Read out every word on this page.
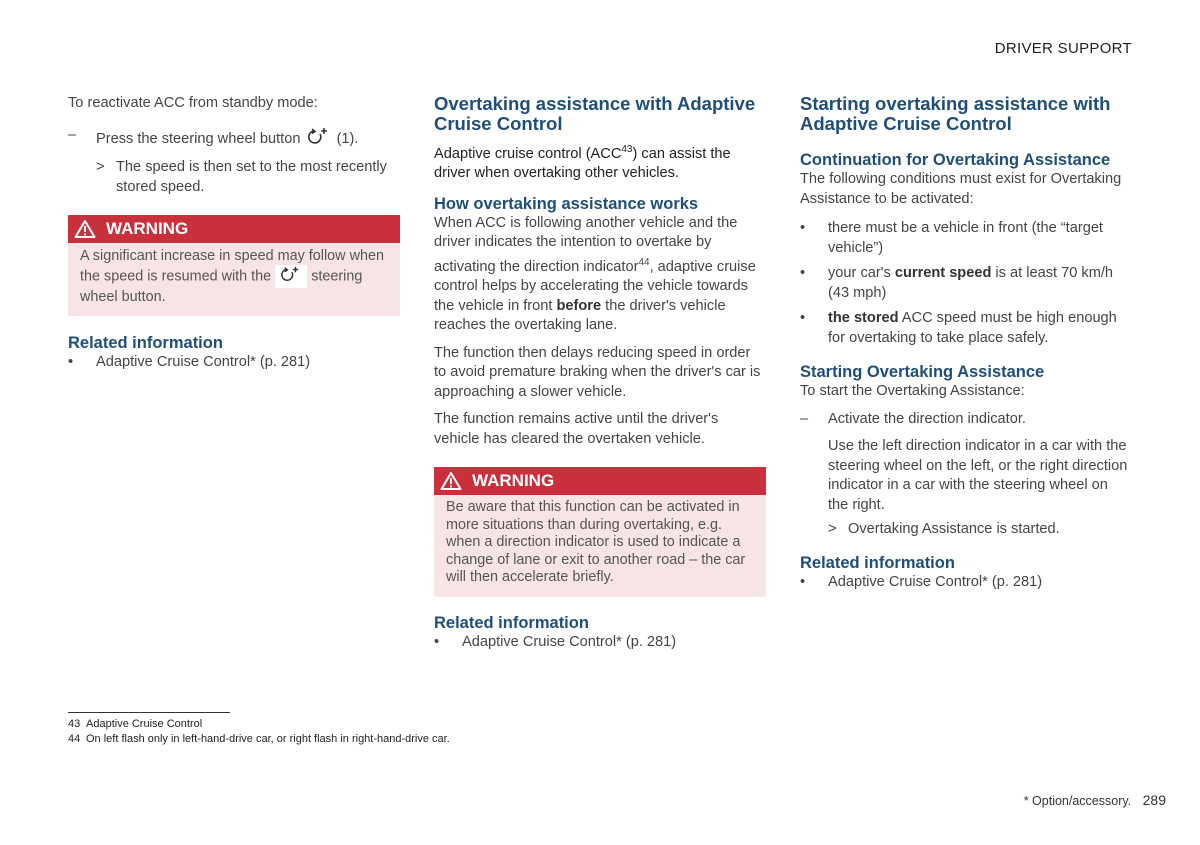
DRIVER SUPPORT

To reactivate ACC from standby mode:

–	Press the steering wheel button (1).
> The speed is then set to the most recently stored speed.
WARNING
A significant increase in speed may follow when the speed is resumed with the	steering wheel button.
Related information
•	Adaptive Cruise Control* (p. 281)
Overtaking assistance with Adaptive Cruise Control

Adaptive cruise control (ACC$^{43}$) can assist the driver when overtaking other vehicles.

How overtaking assistance works

When ACC is following another vehicle and the driver indicates the intention to overtake by activating the direction indicator$^{44}$, adaptive cruise control helps by accelerating the vehicle towards the vehicle in front before the driver's vehicle reaches the overtaking lane.

The function then delays reducing speed in order to avoid premature braking when the driver's car is approaching a slower vehicle.

The function remains active until the driver's vehicle has cleared the overtaken vehicle.

WARNING
Be aware that this function can be activated in more situations than during overtaking, e.g. when a direction indicator is used to indicate a change of lane or exit to another road – the car will then accelerate briefly.
Related information
•	Adaptive Cruise Control* (p. 281)
Starting overtaking assistance with Adaptive Cruise Control
Continuation for Overtaking Assistance

The following conditions must exist for Overtaking Assistance to be activated:

•	there must be a vehicle in front (the “target vehicle”)
•	your car's current speed is at least 70 km/h (43 mph)
•	the stored ACC speed must be high enough for overtaking to take place safely.
Starting Overtaking Assistance

To start the Overtaking Assistance:

–	Activate the direction indicator.

Use the left direction indicator in a car with the steering wheel on the left, or the right direction indicator in a car with the steering wheel on the right.

> Overtaking Assistance is started.
Related information
•	Adaptive Cruise Control* (p. 281)
43 Adaptive Cruise Control
44 On left flash only in left-hand-drive car, or right flash in right-hand-drive car.
* Option/accessory. 289
